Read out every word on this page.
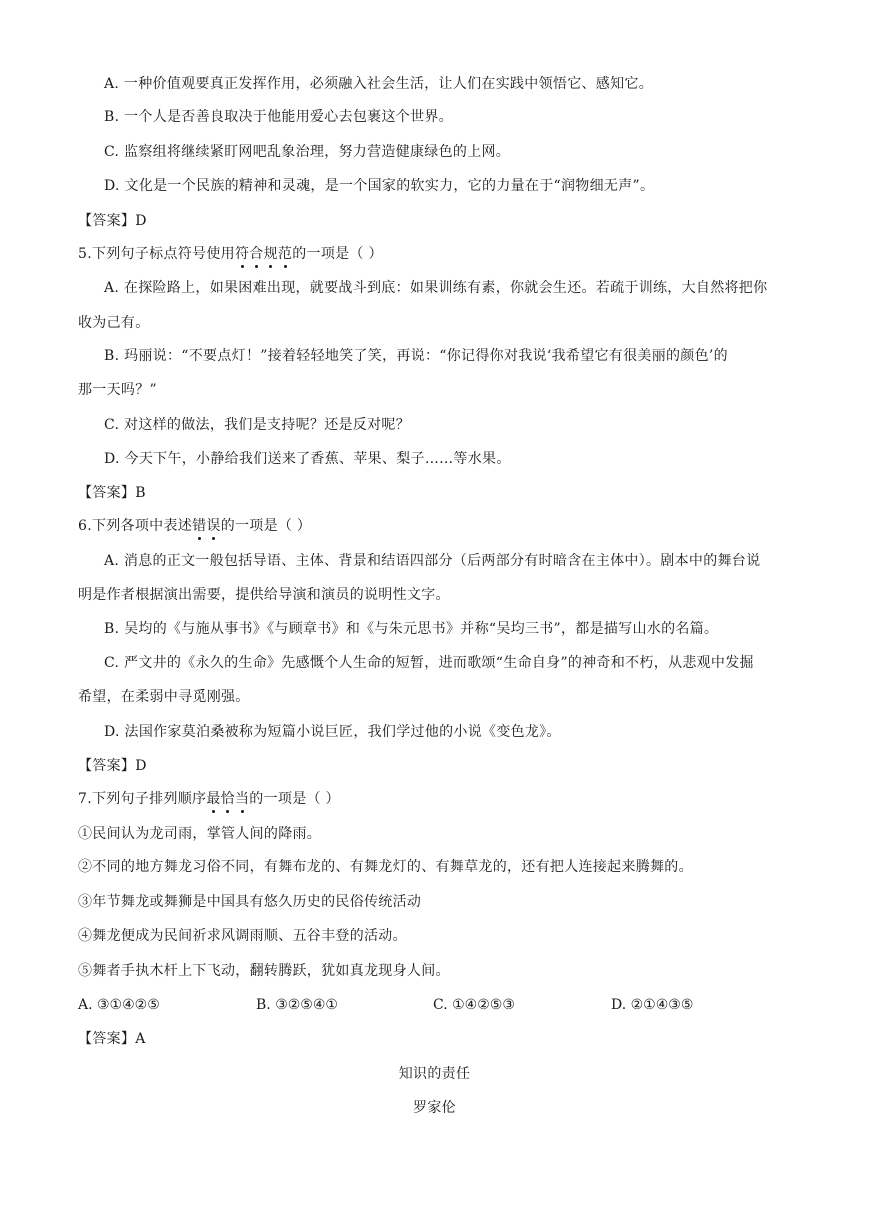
A. 一种价值观要真正发挥作用，必须融入社会生活，让人们在实践中领悟它、感知它。
B. 一个人是否善良取决于他能用爱心去包裹这个世界。
C. 监察组将继续紧盯网吧乱象治理，努力营造健康绿色的上网。
D. 文化是一个民族的精神和灵魂，是一个国家的软实力，它的力量在于“润物细无声”。
【答案】D
5.下列句子标点符号使用符合规范的一项是（ ）
A. 在探险路上，如果困难出现，就要战斗到底：如果训练有素，你就会生还。若疏于训练，大自然将把你
收为己有。
B. 玛丽说：“不要点灯！”接着轻轻地笑了笑，再说：“你记得你对我说‘我希望它有很美丽的颜色’的
那一天吗？”
C. 对这样的做法，我们是支持呢？还是反对呢？
D. 今天下午，小静给我们送来了香蕉、苹果、梨子……等水果。
【答案】B
6.下列各项中表述错误的一项是（ ）
A. 消息的正文一般包括导语、主体、背景和结语四部分（后两部分有时暗含在主体中）。剧本中的舞台说
明是作者根据演出需要，提供给导演和演员的说明性文字。
B. 吴均的《与施从事书》《与顾章书》和《与朱元思书》并称“吴均三书”，都是描写山水的名篇。
C. 严文井的《永久的生命》先感慨个人生命的短暂，进而歌颂“生命自身”的神奇和不朽，从悲观中发掘
希望，在柔弱中寻觅刚强。
D. 法国作家莫泊桑被称为短篇小说巨匠，我们学过他的小说《变色龙》。
【答案】D
7.下列句子排列顺序最恰当的一项是（ ）
①民间认为龙司雨，掌管人间的降雨。
②不同的地方舞龙习俗不同，有舞布龙的、有舞龙灯的、有舞草龙的，还有把人连接起来腾舞的。
③年节舞龙或舞狮是中国具有悠久历史的民俗传统活动
④舞龙便成为民间祈求风调雨顺、五谷丰登的活动。
⑤舞者手执木杆上下飞动，翻转腾跃，犹如真龙现身人间。
A. ③①④②⑤	B. ③②⑤④①	C. ①④②⑤③	D. ②①④③⑤
【答案】A
知识的责任
罗家伦
